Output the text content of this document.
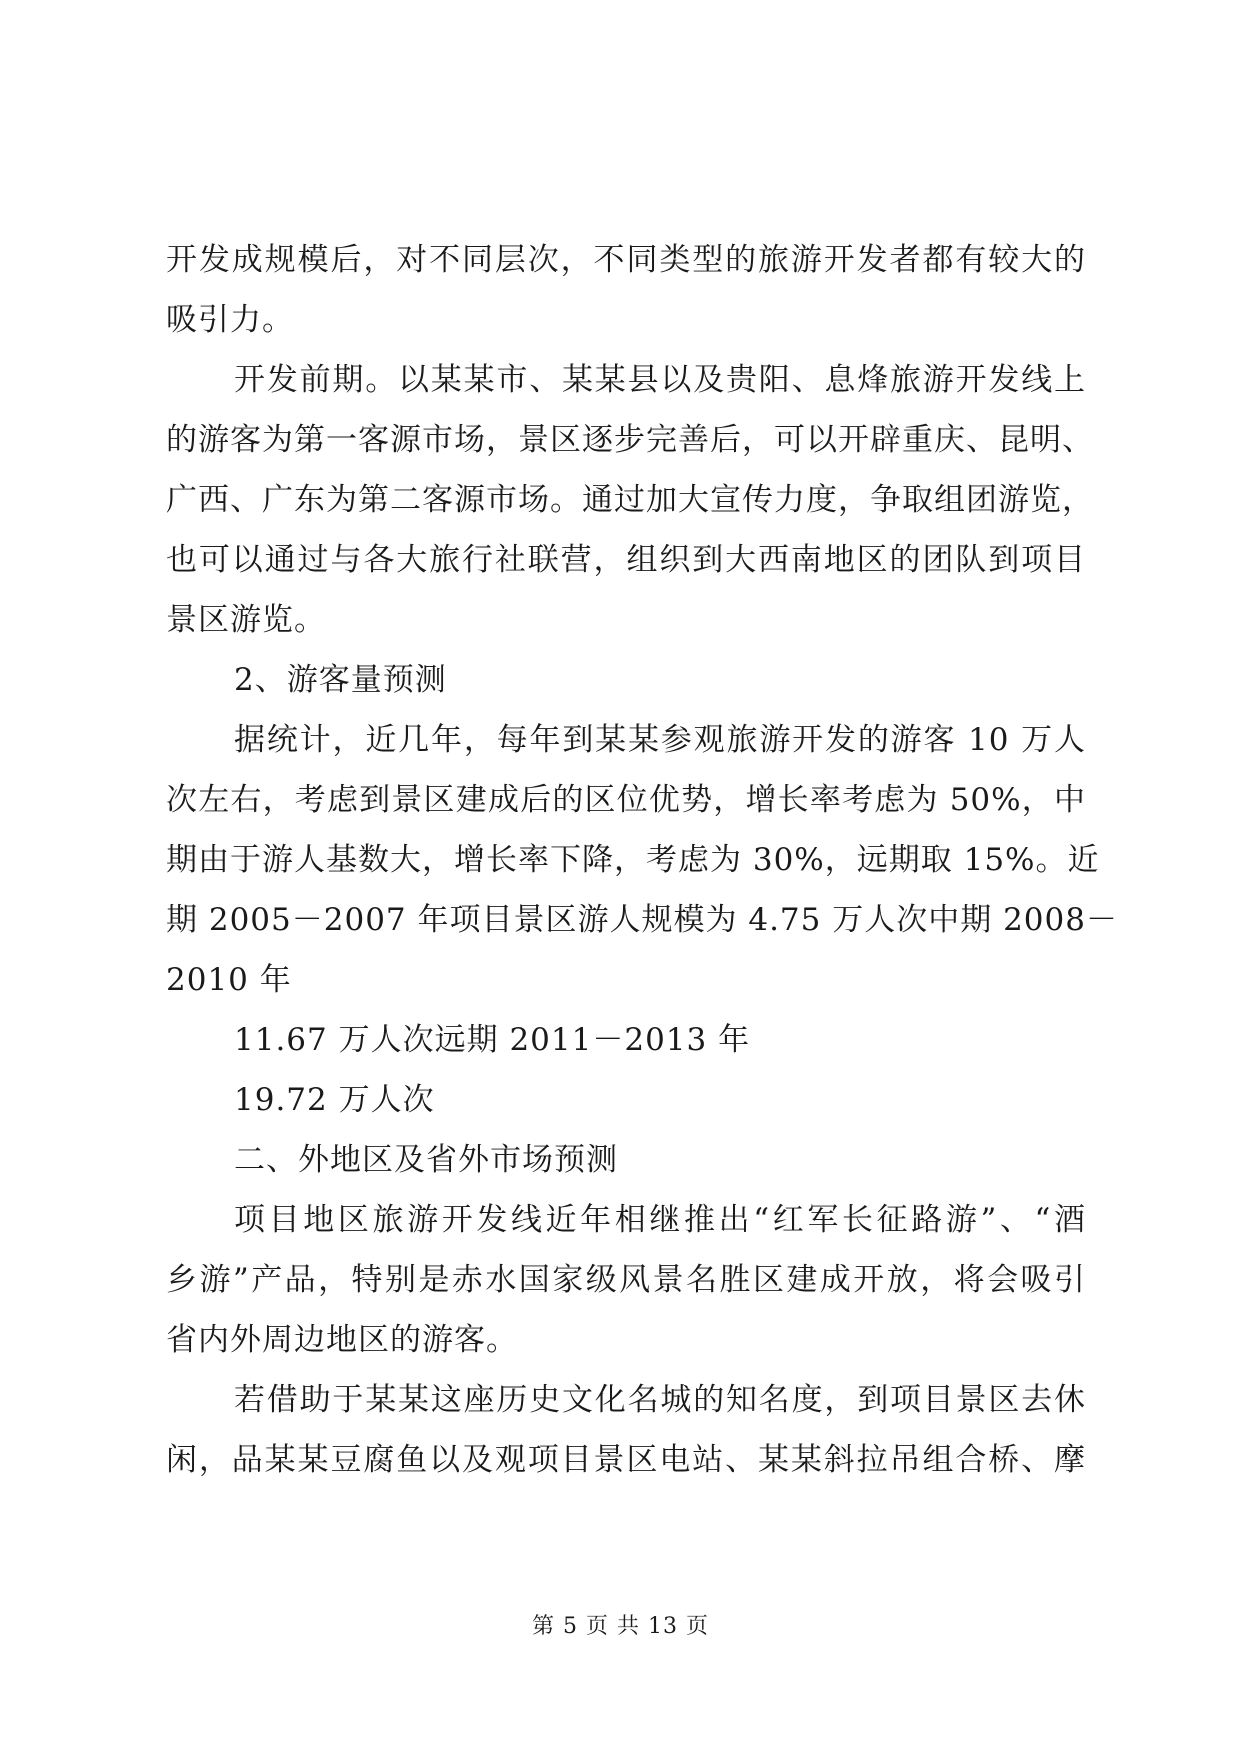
开发成规模后，对不同层次，不同类型的旅游开发者都有较大的
吸引力。
开发前期。以某某市、某某县以及贵阳、息烽旅游开发线上
的游客为第一客源市场，景区逐步完善后，可以开辟重庆、昆明、
广西、广东为第二客源市场。通过加大宣传力度，争取组团游览，
也可以通过与各大旅行社联营，组织到大西南地区的团队到项目
景区游览。
2、游客量预测
据统计，近几年，每年到某某参观旅游开发的游客 10 万人
次左右，考虑到景区建成后的区位优势，增长率考虑为 50%，中
期由于游人基数大，增长率下降，考虑为 30%，远期取 15%。近
期 2005－2007 年项目景区游人规模为 4.75 万人次中期 2008－
2010 年
11.67 万人次远期 2011－2013 年
19.72 万人次
二、外地区及省外市场预测
项目地区旅游开发线近年相继推出“红军长征路游”、“酒
乡游”产品，特别是赤水国家级风景名胜区建成开放，将会吸引
省内外周边地区的游客。
若借助于某某这座历史文化名城的知名度，到项目景区去休
闲，品某某豆腐鱼以及观项目景区电站、某某斜拉吊组合桥、摩
第 5 页 共 13 页
